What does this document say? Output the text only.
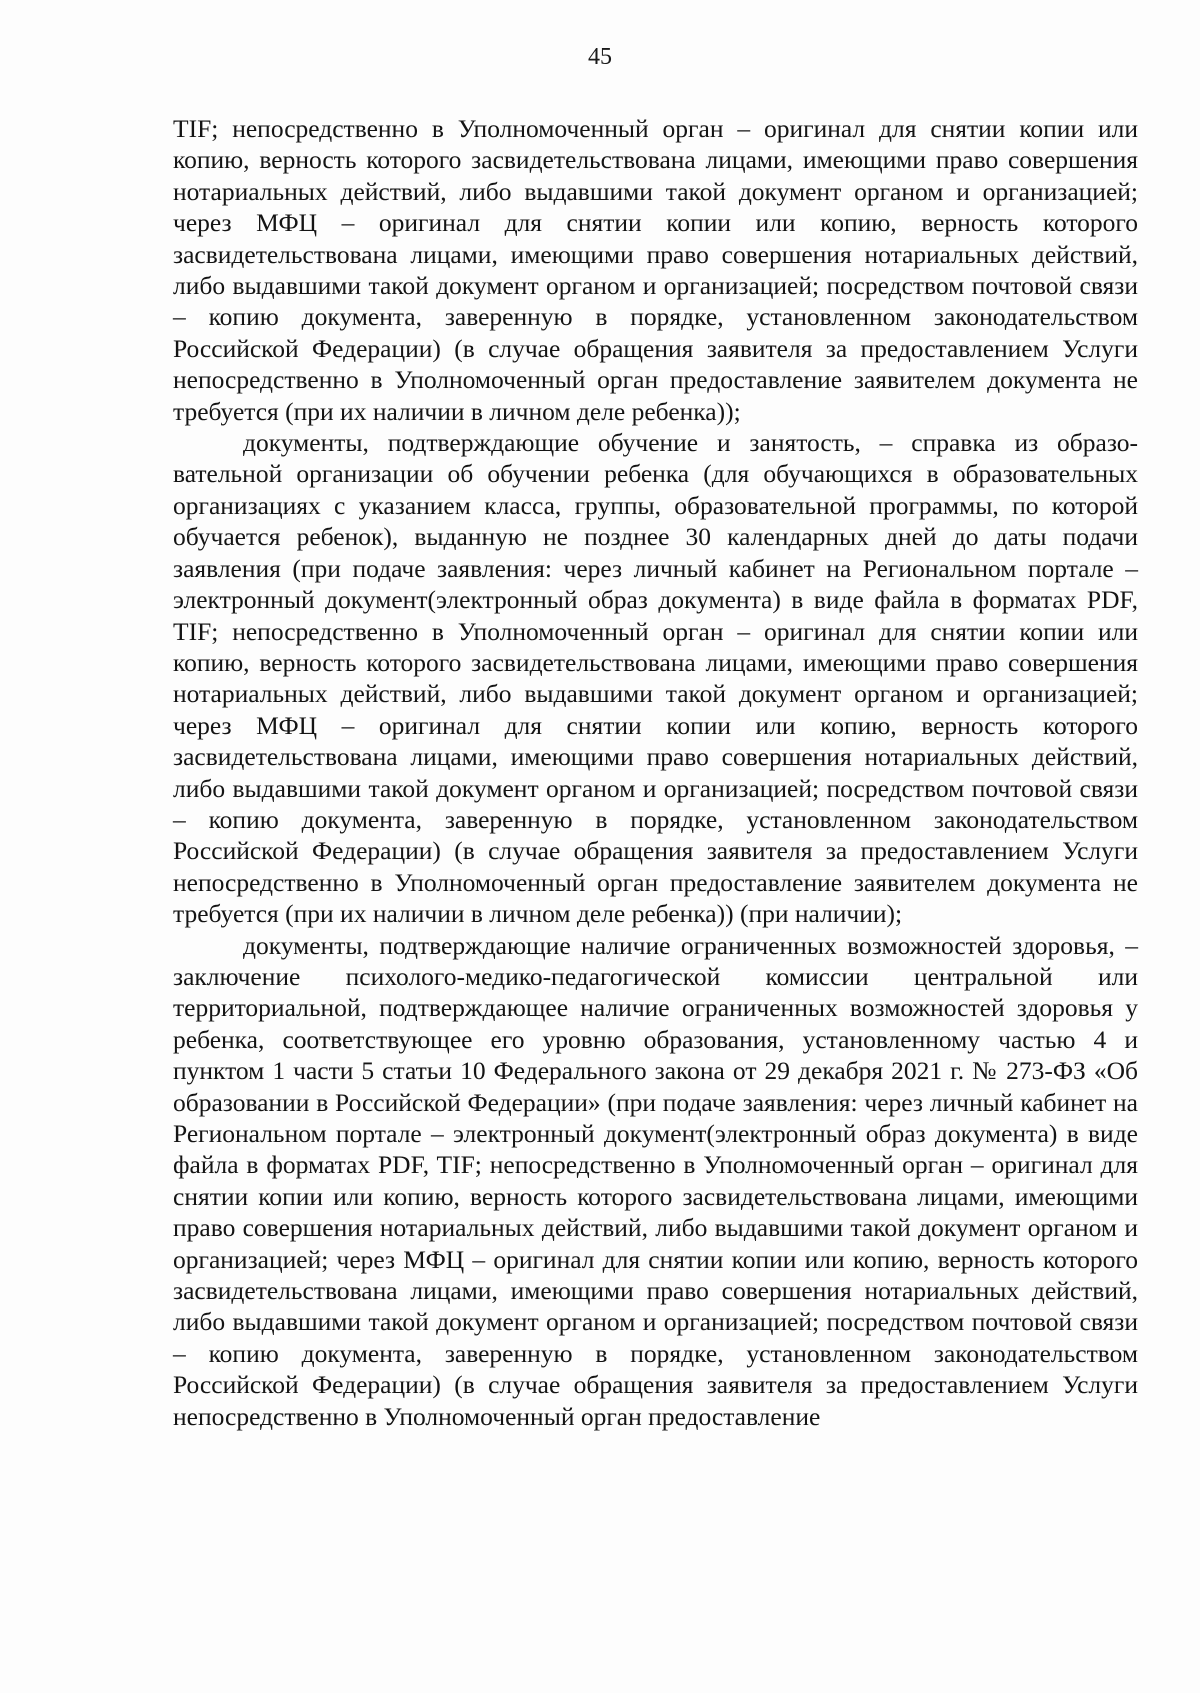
45

TIF; непосредственно в Уполномоченный орган – оригинал для снятии копии или копию, верность которого засвидетельствована лицами, имеющими право совершения нотариальных действий, либо выдавшими такой документ органом и организацией; через МФЦ – оригинал для снятии копии или копию, верность которого засвидетельствована лицами, имеющими право совершения нотариальных действий, либо выдавшими такой документ органом и организацией; посредством почтовой связи – копию документа, заверенную в порядке, установленном законодательством Российской Федерации) (в случае обращения заявителя за предоставлением Услуги непосредственно в Уполномоченный орган предоставление заявителем документа не требуется (при их наличии в личном деле ребенка));

документы, подтверждающие обучение и занятость, – справка из образовательной организации об обучении ребенка (для обучающихся в образовательных организациях с указанием класса, группы, образовательной программы, по которой обучается ребенок), выданную не позднее 30 календарных дней до даты подачи заявления (при подаче заявления: через личный кабинет на Региональном портале – электронный документ(электронный образ документа) в виде файла в форматах PDF, TIF; непосредственно в Уполномоченный орган – оригинал для снятии копии или копию, верность которого засвидетельствована лицами, имеющими право совершения нотариальных действий, либо выдавшими такой документ органом и организацией; через МФЦ – оригинал для снятии копии или копию, верность которого засвидетельствована лицами, имеющими право совершения нотариальных действий, либо выдавшими такой документ органом и организацией; посредством почтовой связи – копию документа, заверенную в порядке, установленном законодательством Российской Федерации) (в случае обращения заявителя за предоставлением Услуги непосредственно в Уполномоченный орган предоставление заявителем документа не требуется (при их наличии в личном деле ребенка)) (при наличии);

документы, подтверждающие наличие ограниченных возможностей здоровья, – заключение психолого-медико-педагогической комиссии центральной или территориальной, подтверждающее наличие ограниченных возможностей здоровья у ребенка, соответствующее его уровню образования, установленному частью 4 и пунктом 1 части 5 статьи 10 Федерального закона от 29 декабря 2021 г. № 273-ФЗ «Об образовании в Российской Федерации» (при подаче заявления: через личный кабинет на Региональном портале – электронный документ(электронный образ документа) в виде файла в форматах PDF, TIF; непосредственно в Уполномоченный орган – оригинал для снятии копии или копию, верность которого засвидетельствована лицами, имеющими право совершения нотариальных действий, либо выдавшими такой документ органом и организацией; через МФЦ – оригинал для снятии копии или копию, верность которого засвидетельствована лицами, имеющими право совершения нотариальных действий, либо выдавшими такой документ органом и организацией; посредством почтовой связи – копию документа, заверенную в порядке, установленном законодательством Российской Федерации) (в случае обращения заявителя за предоставлением Услуги непосредственно в Уполномоченный орган предоставление
